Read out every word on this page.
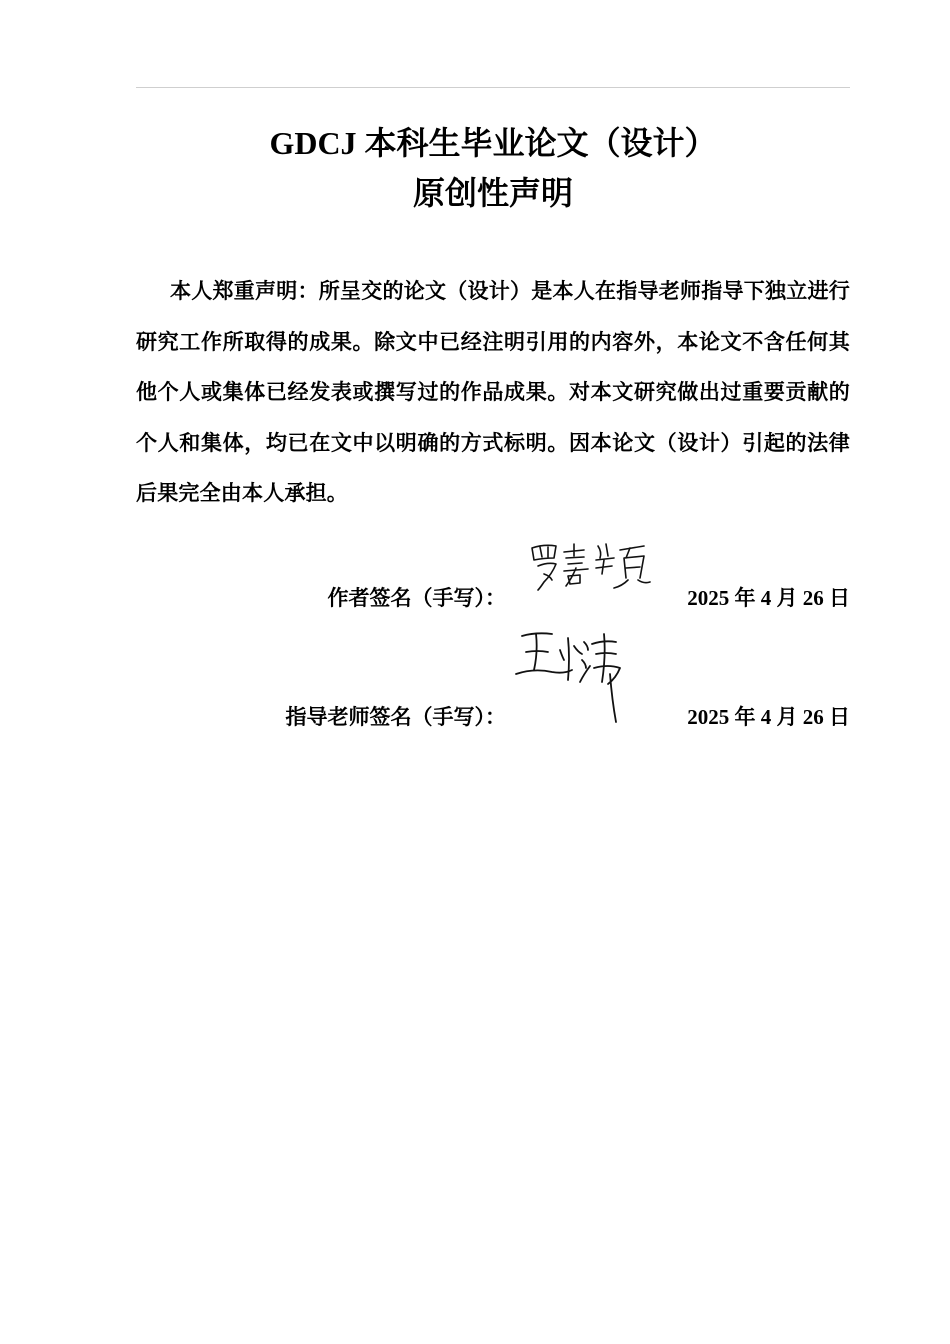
GDCJ 本科生毕业论文（设计）
原创性声明
本人郑重声明：所呈交的论文（设计）是本人在指导老师指导下独立进行研究工作所取得的成果。除文中已经注明引用的内容外，本论文不含任何其他个人或集体已经发表或撰写过的作品成果。对本文研究做出过重要贡献的个人和集体，均已在文中以明确的方式标明。因本论文（设计）引起的法律后果完全由本人承担。
作者签名（手写）：	2025 年 4 月 26 日
指导老师签名（手写）：	2025 年 4 月 26 日
